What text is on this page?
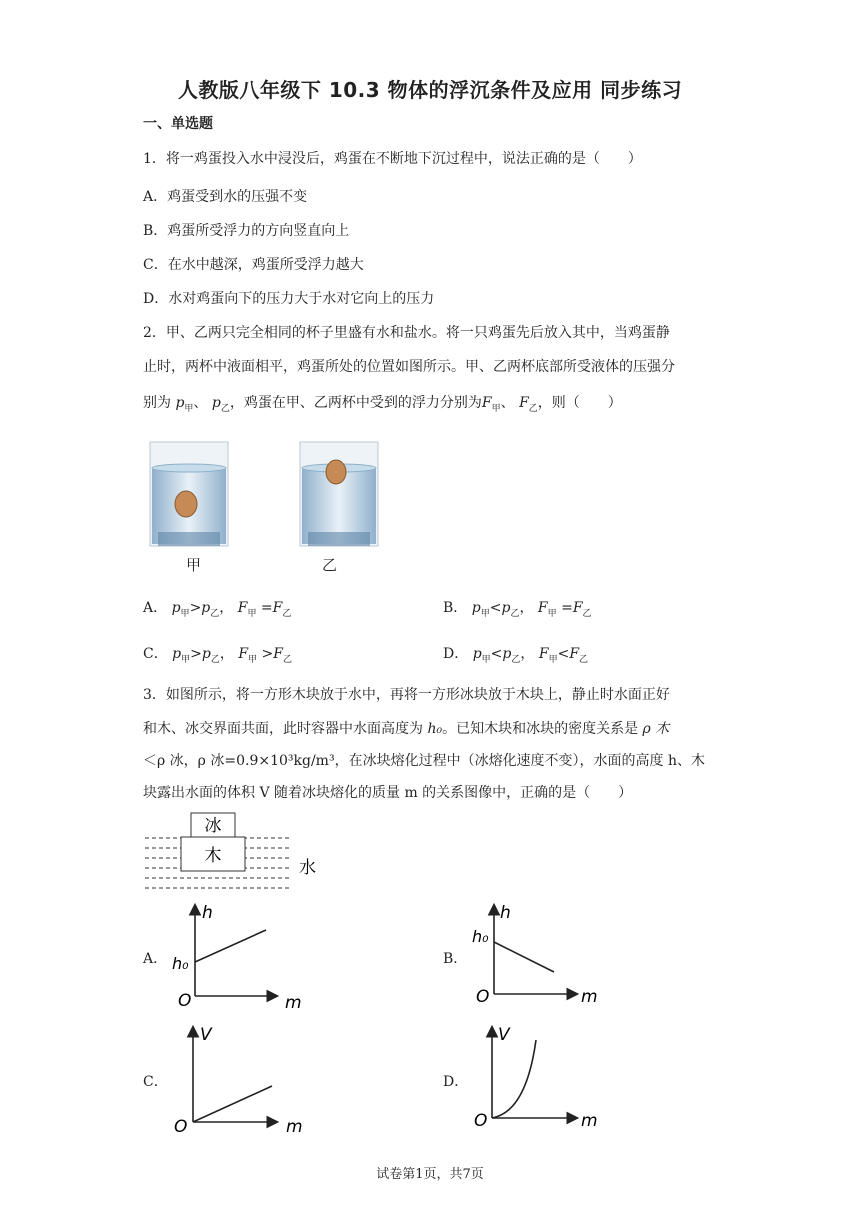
人教版八年级下 10.3 物体的浮沉条件及应用 同步练习
一、单选题
1．将一鸡蛋投入水中浸没后，鸡蛋在不断地下沉过程中，说法正确的是（　　）
A．鸡蛋受到水的压强不变
B．鸡蛋所受浮力的方向竖直向上
C．在水中越深，鸡蛋所受浮力越大
D．水对鸡蛋向下的压力大于水对它向上的压力
2．甲、乙两只完全相同的杯子里盛有水和盐水。将一只鸡蛋先后放入其中，当鸡蛋静
止时，两杯中液面相平，鸡蛋所处的位置如图所示。甲、乙两杯底部所受液体的压强分
别为 $p_甲$、 $p_乙$，鸡蛋在甲、乙两杯中受到的浮力分别为$F_甲$、 $F_乙$，则（　　）
甲	乙
A． $p_甲>p_乙$， $F_甲 =F_乙$	B． $p_甲<p_乙$， $F_甲 =F_乙$
C． $p_甲>p_乙$， $F_甲 >F_乙$	D． $p_甲<p_乙$， $F_甲<F_乙$
3．如图所示，将一方形木块放于水中，再将一方形冰块放于木块上，静止时水面正好
和木、冰交界面共面，此时容器中水面高度为 h₀。已知木块和冰块的密度关系是 ρ 木
＜ρ 冰，ρ 冰=0.9×10³kg/m³，在冰块熔化过程中（冰熔化速度不变），水面的高度 h、木
块露出水面的体积 V 随着冰块熔化的质量 m 的关系图像中，正确的是（　　）
冰
木
水
A．	B．
C．	D．
h
m
O
h₀
h
m
O
h₀
V
m
O
V
m
O
试卷第1页，共7页
